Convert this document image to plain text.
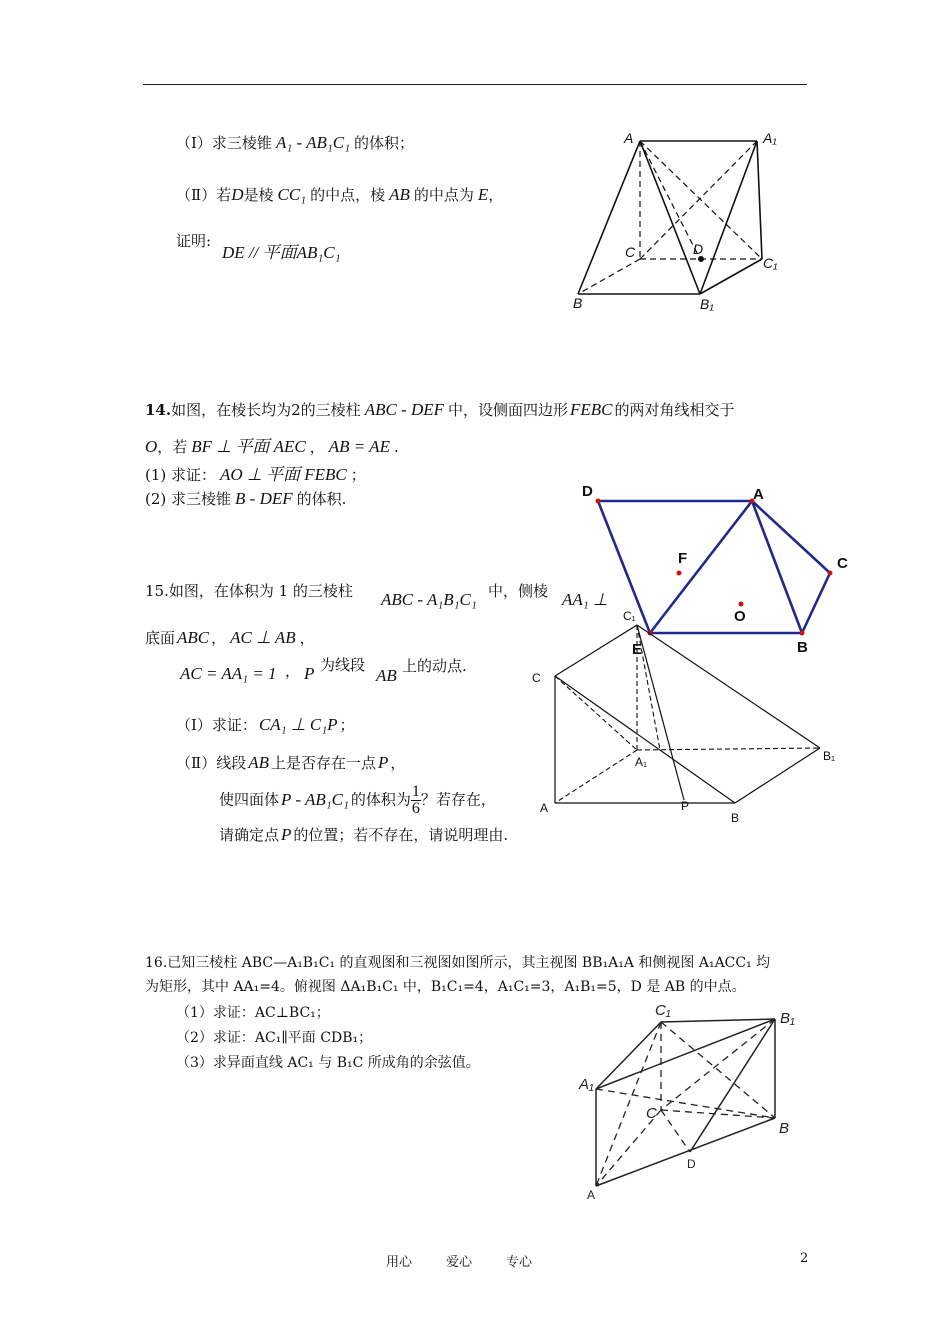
（Ⅰ）求三棱锥 A₁ - AB₁C₁ 的体积；
（Ⅱ）若D是棱 CC₁ 的中点，棱 AB 的中点为 E，
证明:
DE // 平面AB₁C₁
A	A₁
C	D
C₁
B	B₁
14.如图，在棱长均为2的三棱柱 ABC - DEF 中，设侧面四边形 FEBC 的两对角线相交于
O，若 BF ⊥ 平面 AEC ， AB = AE .
(1) 求证： AO ⊥ 平面 FEBC ；
(2) 求三棱锥 B - DEF 的体积.	D	A
F	C
O
E	B
15.如图，在体积为 1 的三棱柱 ABC - A₁B₁C₁ 中，侧棱 AA₁ ⊥
底面 ABC ， AC ⊥ AB ，
AC = AA₁ = 1 ， P 为线段
AB 上的动点.
（Ⅰ）求证： CA₁ ⊥ C₁P ；
（Ⅱ）线段 AB 上是否存在一点 P ，
使四面体 P - AB₁C₁ 的体积为 $\frac{1}{6}$ ？若存在，
请确定点 P 的位置；若不存在，请说明理由.
C₁
C
A₁	B₁
A	P
B
16.已知三棱柱 ABC—A₁B₁C₁ 的直观图和三视图如图所示，其主视图 BB₁A₁A 和侧视图 A₁ACC₁ 均
为矩形，其中 AA₁=4。俯视图 ΔA₁B₁C₁ 中，B₁C₁=4，A₁C₁=3，A₁B₁=5，D 是 AB 的中点。
（1）求证：AC⊥BC₁；
（2）求证：AC₁∥平面 CDB₁；
（3）求异面直线 AC₁ 与 B₁C 所成角的余弦值。
C₁	B₁
A₁
C
B
D
A
用心	爱心	专心	2
